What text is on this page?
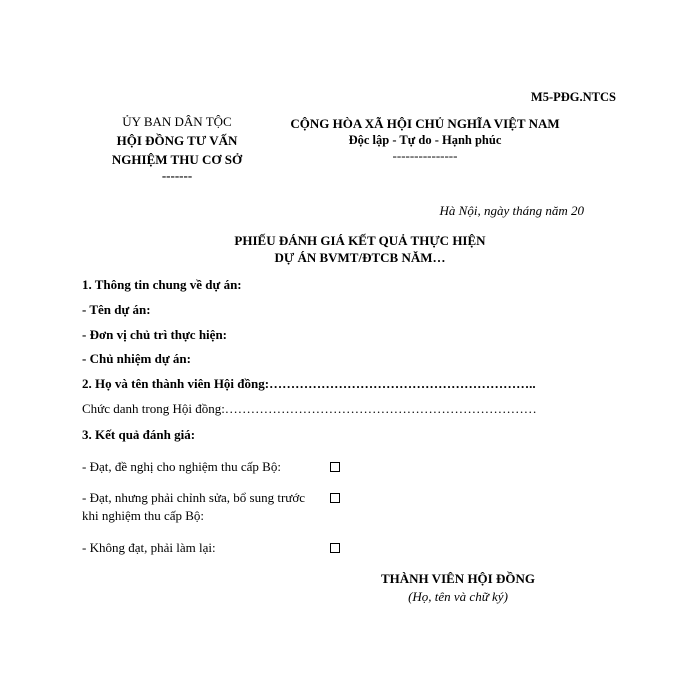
M5-PĐG.NTCS
ỦY BAN DÂN TỘC
HỘI ĐỒNG TƯ VẤN
NGHIỆM THU CƠ SỞ
-------
CỘNG HÒA XÃ HỘI CHỦ NGHĨA VIỆT NAM
Độc lập - Tự do - Hạnh phúc
---------------
Hà Nội, ngày tháng năm 20
PHIẾU ĐÁNH GIÁ KẾT QUẢ THỰC HIỆN
DỰ ÁN BVMT/ĐTCB NĂM…
1. Thông tin chung về dự án:
- Tên dự án:
- Đơn vị chủ trì thực hiện:
- Chủ nhiệm dự án:
2. Họ và tên thành viên Hội đồng:……………………………………………………..
Chức danh trong Hội đồng:………………………………………………………………
3. Kết quả đánh giá:
- Đạt, đề nghị cho nghiệm thu cấp Bộ:
- Đạt, nhưng phải chỉnh sửa, bổ sung trước
khi nghiệm thu cấp Bộ:
- Không đạt, phải làm lại:
THÀNH VIÊN HỘI ĐỒNG
(Họ, tên và chữ ký)
